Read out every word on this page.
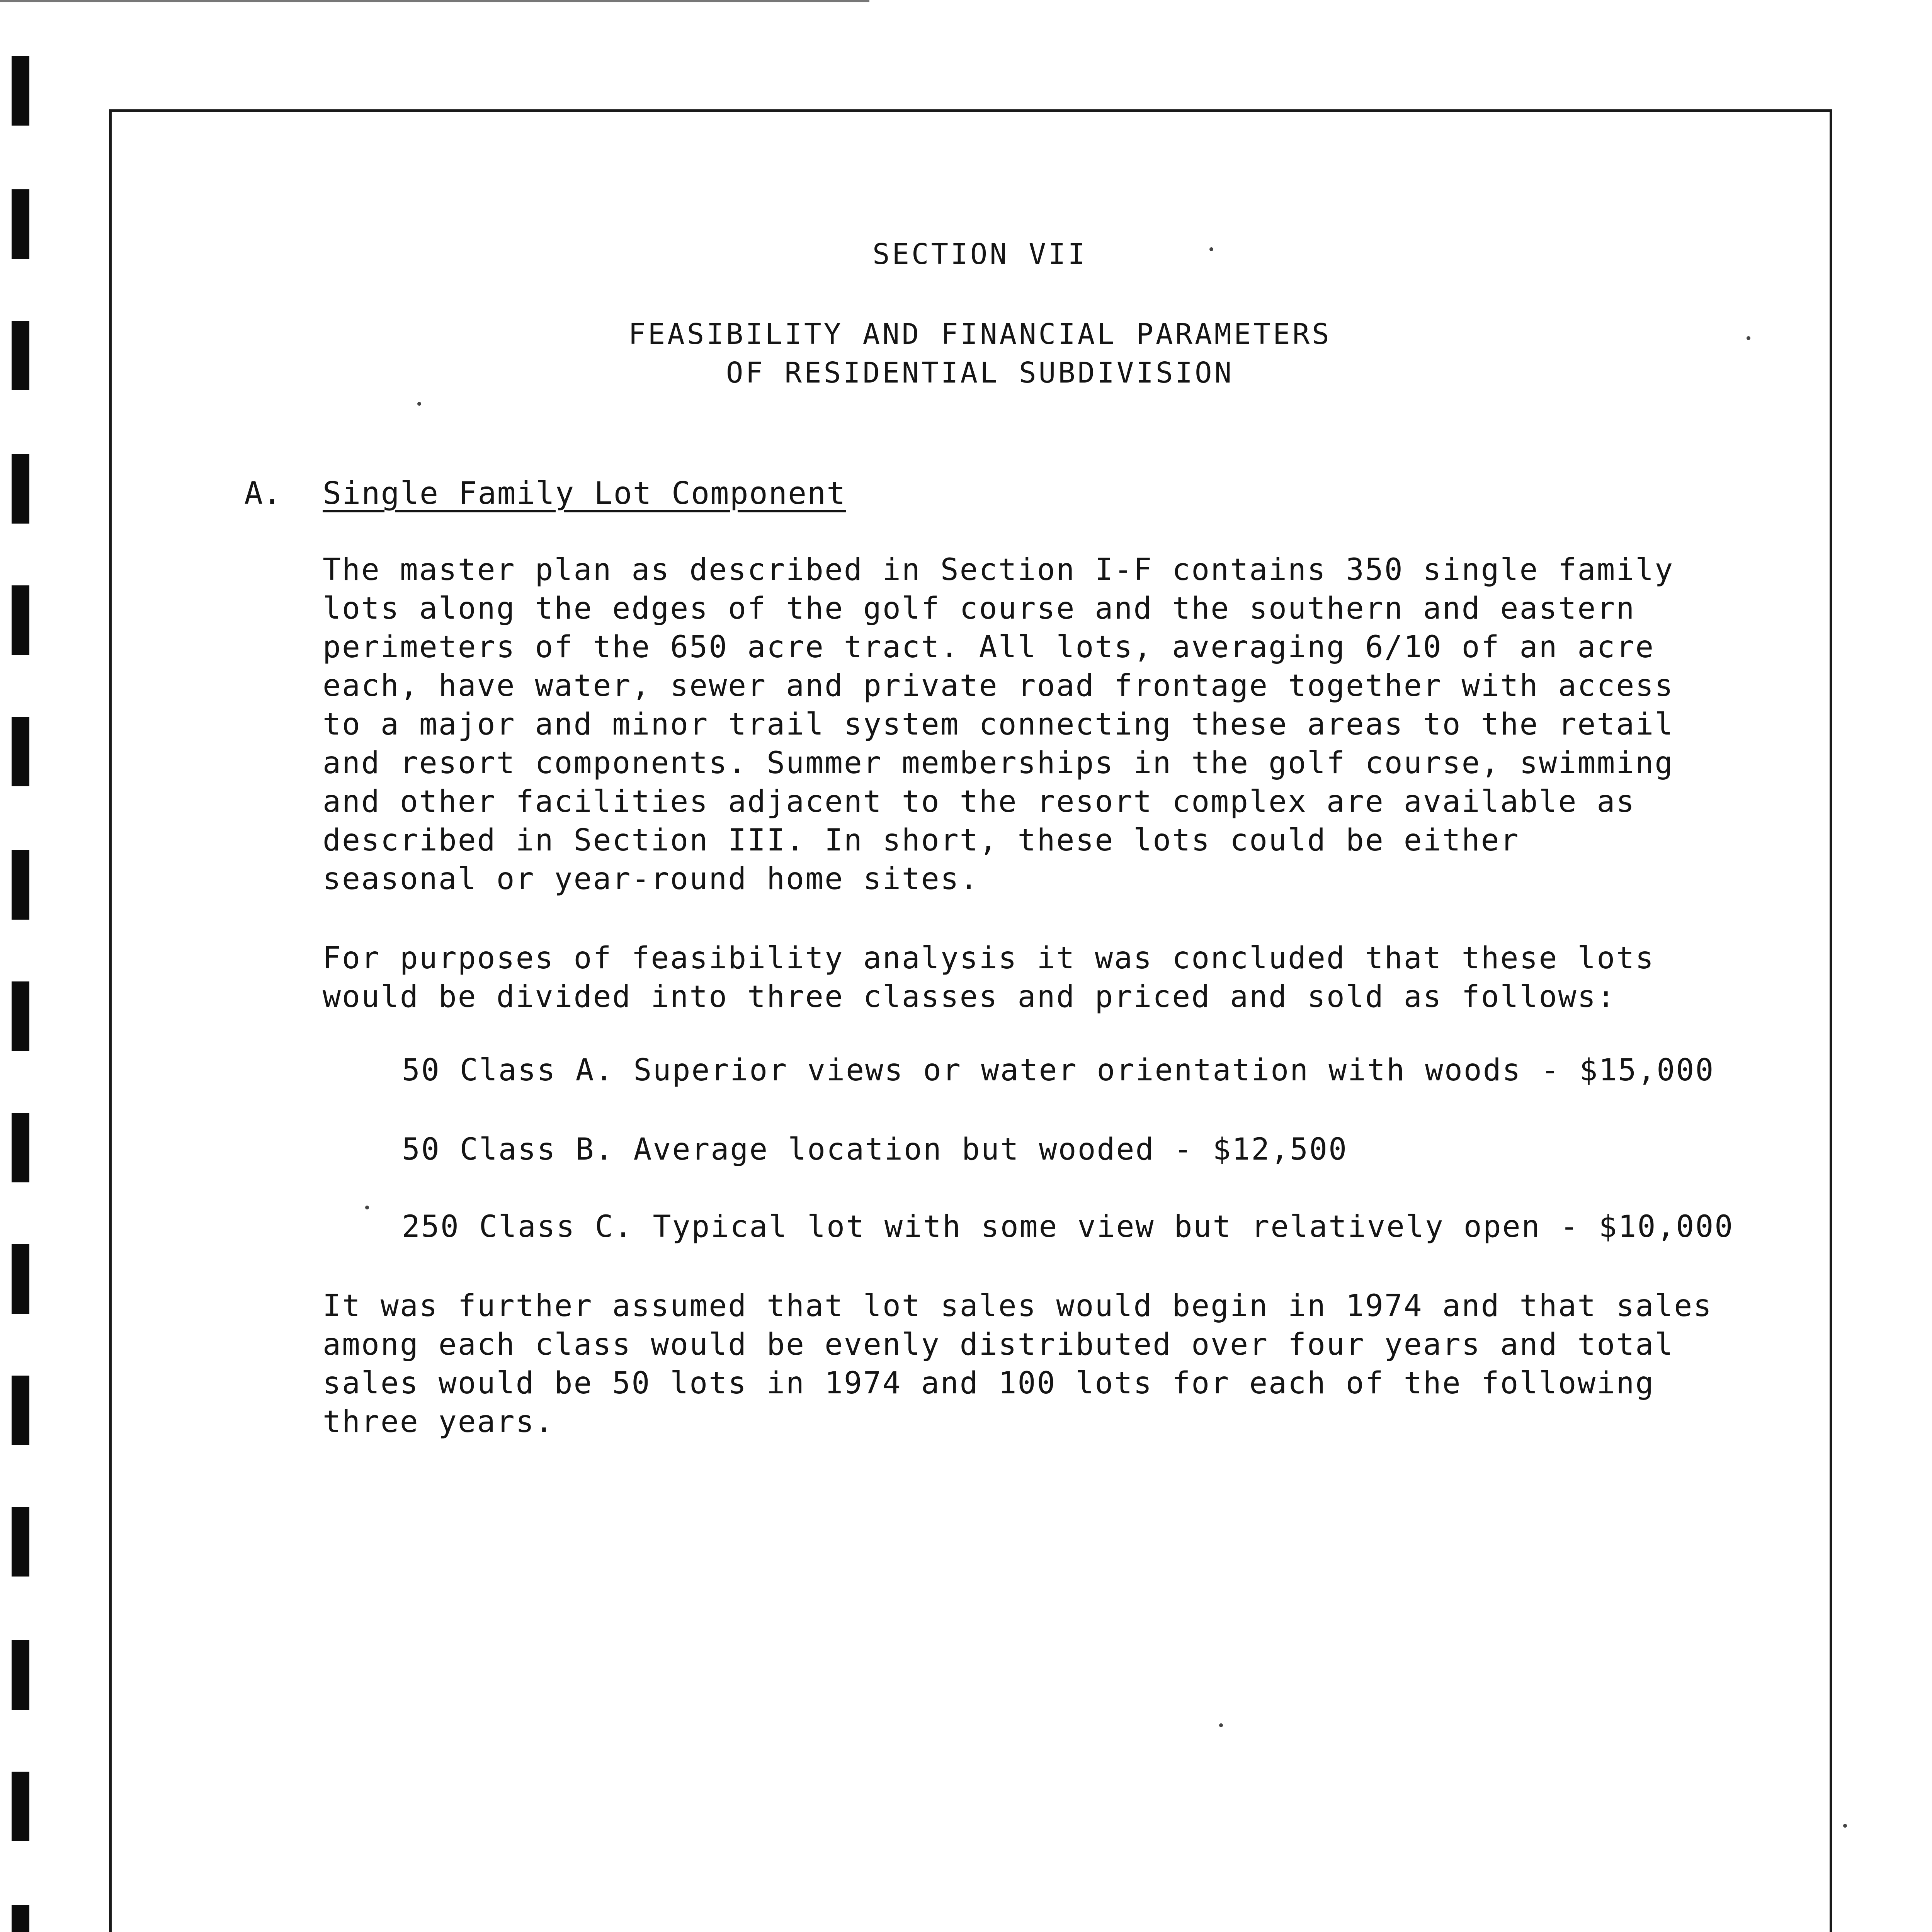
SECTION VII
FEASIBILITY AND FINANCIAL PARAMETERS
OF RESIDENTIAL SUBDIVISION
A. Single Family Lot Component
The master plan as described in Section I-F contains 350 single family
lots along the edges of the golf course and the southern and eastern
perimeters of the 650 acre tract. All lots, averaging 6/10 of an acre
each, have water, sewer and private road frontage together with access
to a major and minor trail system connecting these areas to the retail
and resort components. Summer memberships in the golf course, swimming
and other facilities adjacent to the resort complex are available as
described in Section III. In short, these lots could be either
seasonal or year-round home sites.
For purposes of feasibility analysis it was concluded that these lots
would be divided into three classes and priced and sold as follows:
50 Class A. Superior views or water orientation with woods - $15,000
50 Class B. Average location but wooded - $12,500
250 Class C. Typical lot with some view but relatively open - $10,000
It was further assumed that lot sales would begin in 1974 and that sales
among each class would be evenly distributed over four years and total
sales would be 50 lots in 1974 and 100 lots for each of the following
three years.
